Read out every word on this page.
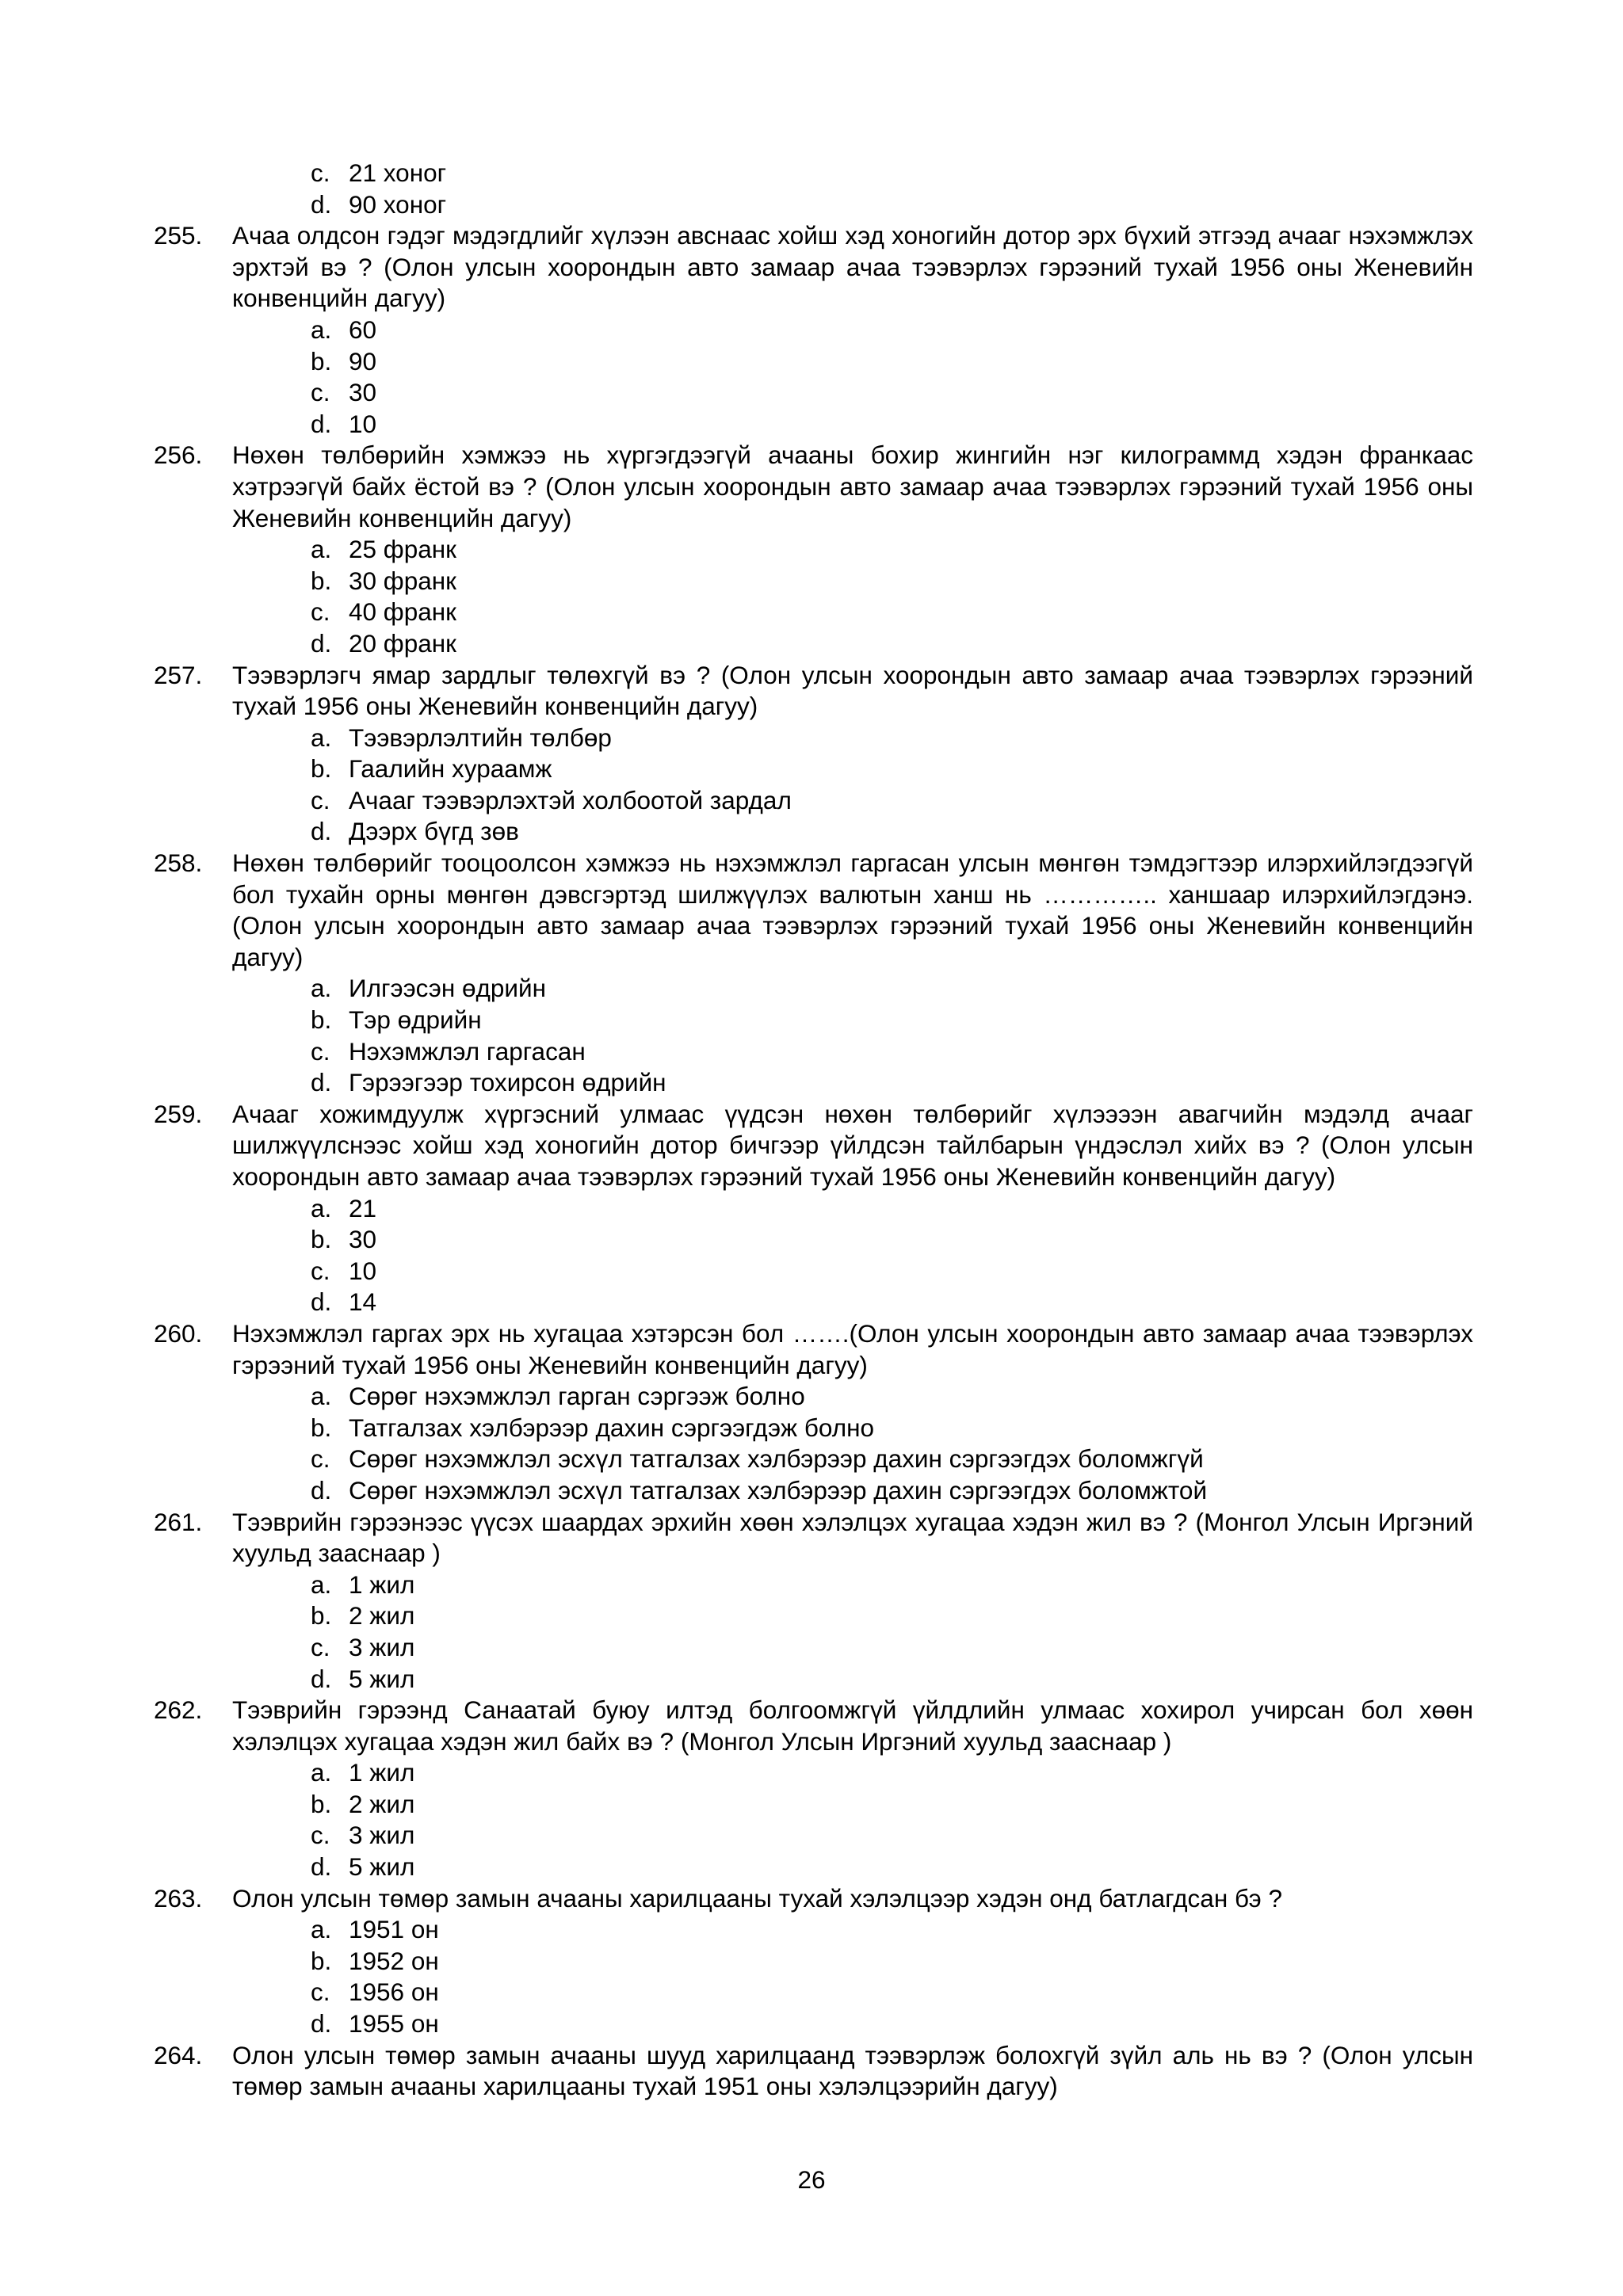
c. 21 хоног
d. 90 хоног
255. Ачаа олдсон гэдэг мэдэгдлийг хүлээн авснаас хойш хэд хоногийн дотор эрх бүхий этгээд ачааг нэхэмжлэх эрхтэй вэ ? (Олон улсын хоорондын авто замаар ачаа тээвэрлэх гэрээний тухай 1956 оны Женевийн конвенцийн дагуу)
a. 60
b. 90
c. 30
d. 10
256. Нөхөн төлбөрийн хэмжээ нь хүргэгдээгүй ачааны бохир жингийн нэг килограммд хэдэн франкаас хэтрээгүй байх ёстой вэ ? (Олон улсын хоорондын авто замаар ачаа тээвэрлэх гэрээний тухай 1956 оны Женевийн конвенцийн дагуу)
a. 25 франк
b. 30 франк
c. 40 франк
d. 20 франк
257. Тээвэрлэгч ямар зардлыг төлөхгүй вэ ? (Олон улсын хоорондын авто замаар ачаа тээвэрлэх гэрээний тухай 1956 оны Женевийн конвенцийн дагуу)
a. Тээвэрлэлтийн төлбөр
b. Гаалийн хураамж
c. Ачааг тээвэрлэхтэй холбоотой зардал
d. Дээрх бүгд зөв
258. Нөхөн төлбөрийг тооцоолсон хэмжээ нь нэхэмжлэл гаргасан улсын мөнгөн тэмдэгтээр илэрхийлэгдээгүй бол тухайн орны мөнгөн дэвсгэртэд шилжүүлэх валютын ханш нь ………….. ханшаар илэрхийлэгдэнэ. (Олон улсын хоорондын авто замаар ачаа тээвэрлэх гэрээний тухай 1956 оны Женевийн конвенцийн дагуу)
a. Илгээсэн өдрийн
b. Тэр өдрийн
c. Нэхэмжлэл гаргасан
d. Гэрээгээр тохирсон өдрийн
259. Ачааг хожимдуулж хүргэсний улмаас үүдсэн нөхөн төлбөрийг хүлээээн авагчийн мэдэлд ачааг шилжүүлснээс хойш хэд хоногийн дотор бичгээр үйлдсэн тайлбарын үндэслэл хийх вэ ? (Олон улсын хоорондын авто замаар ачаа тээвэрлэх гэрээний тухай 1956 оны Женевийн конвенцийн дагуу)
a. 21
b. 30
c. 10
d. 14
260. Нэхэмжлэл гаргах эрх нь хугацаа хэтэрсэн бол …….(Олон улсын хоорондын авто замаар ачаа тээвэрлэх гэрээний тухай 1956 оны Женевийн конвенцийн дагуу)
a. Сөрөг нэхэмжлэл гарган сэргээж болно
b. Татгалзах хэлбэрээр дахин сэргээгдэж болно
c. Сөрөг нэхэмжлэл эсхүл татгалзах хэлбэрээр дахин сэргээгдэх боломжгүй
d. Сөрөг нэхэмжлэл эсхүл татгалзах хэлбэрээр дахин сэргээгдэх боломжтой
261. Тээврийн гэрээнээс үүсэх шаардах эрхийн хөөн хэлэлцэх хугацаа хэдэн жил вэ ? (Монгол Улсын Иргэний хуульд зааснаар )
a. 1 жил
b. 2 жил
c. 3 жил
d. 5 жил
262. Тээврийн гэрээнд Санаатай буюу илтэд болгоомжгүй үйлдлийн улмаас хохирол учирсан бол хөөн хэлэлцэх хугацаа хэдэн жил байх вэ ? (Монгол Улсын Иргэний хуульд зааснаар )
a. 1 жил
b. 2 жил
c. 3 жил
d. 5 жил
263. Олон улсын төмөр замын ачааны харилцааны тухай хэлэлцээр хэдэн онд батлагдсан бэ ?
a. 1951 он
b. 1952 он
c. 1956 он
d. 1955 он
264. Олон улсын төмөр замын ачааны шууд харилцаанд тээвэрлэж болохгүй зүйл аль нь вэ ? (Олон улсын төмөр замын ачааны харилцааны тухай 1951 оны хэлэлцээрийн дагуу)
26
